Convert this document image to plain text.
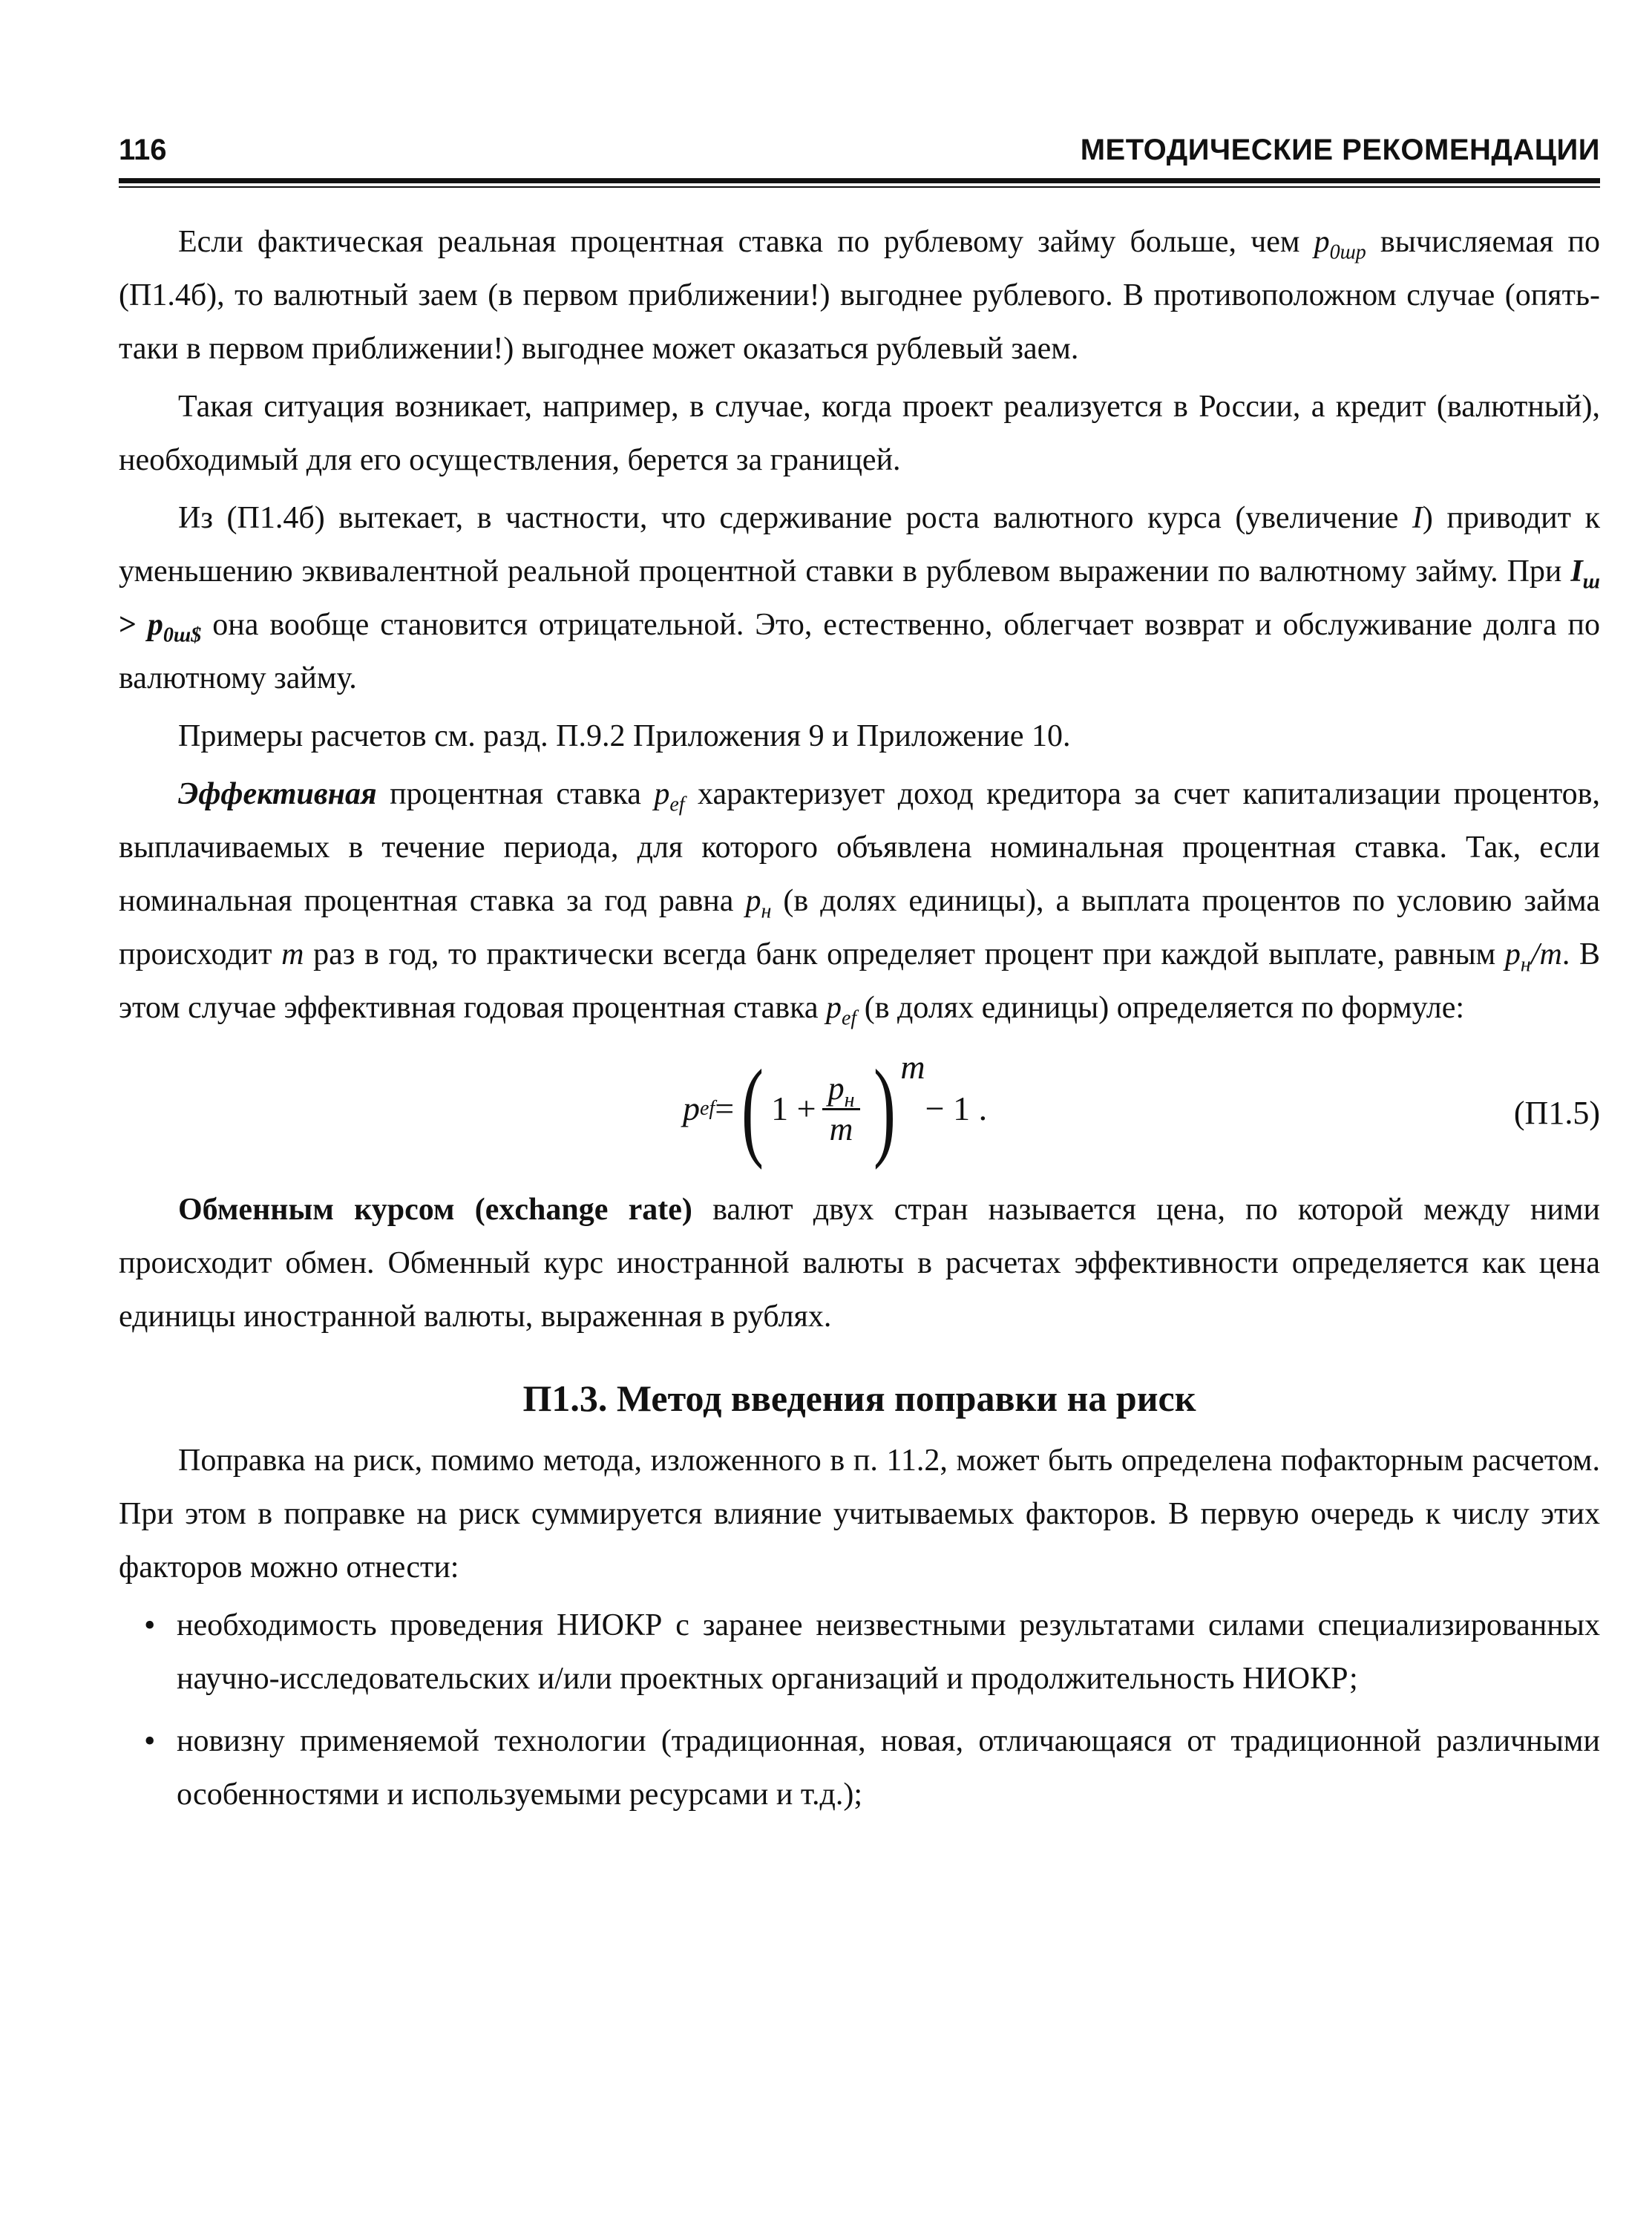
116	МЕТОДИЧЕСКИЕ РЕКОМЕНДАЦИИ

Если фактическая реальная процентная ставка по рублевому займу больше, чем $p_{0шр}$ вычисляемая по (П1.4б), то валютный заем (в первом приближении!) выгоднее рублевого. В противоположном случае (опять-таки в первом приближении!) выгоднее может оказаться рублевый заем.

Такая ситуация возникает, например, в случае, когда проект реализуется в России, а кредит (валютный), необходимый для его осуществления, берется за границей.

Из (П1.4б) вытекает, в частности, что сдерживание роста валютного курса (увеличение I) приводит к уменьшению эквивалентной реальной процентной ставки в рублевом выражении по валютному займу. При $I_ш > p_{0ш\$}$ она вообще становится отрицательной. Это, естественно, облегчает возврат и обслуживание долга по валютному займу.

Примеры расчетов см. разд. П.9.2 Приложения 9 и Приложение 10.

Эффективная процентная ставка $p_{ef}$ характеризует доход кредитора за счет капитализации процентов, выплачиваемых в течение периода, для которого объявлена номинальная процентная ставка. Так, если номинальная процентная ставка за год равна $p_н$ (в долях единицы), а выплата процентов по условию займа происходит m раз в год, то практически всегда банк определяет процент при каждой выплате, равным $p_н/m$. В этом случае эффективная годовая процентная ставка $p_{ef}$ (в долях единицы) определяется по формуле:

p ef = ( $1 + \frac{p_н}{m}$ ) m
− 1 .	(П1.5)

Обменным курсом (exchange rate) валют двух стран называется цена, по которой между ними происходит обмен. Обменный курс иностранной валюты в расчетах эффективности определяется как цена единицы иностранной валюты, выраженная в рублях.

П1.3. Метод введения поправки на риск

Поправка на риск, помимо метода, изложенного в п. 11.2, может быть определена пофакторным расчетом. При этом в поправке на риск суммируется влияние учитываемых факторов. В первую очередь к числу этих факторов можно отнести:

• необходимость проведения НИОКР с заранее неизвестными результатами силами специализированных научно-исследовательских и/или проектных организаций и продолжительность НИОКР;
• новизну применяемой технологии (традиционная, новая, отличающаяся от традиционной различными особенностями и используемыми ресурсами и т.д.);
